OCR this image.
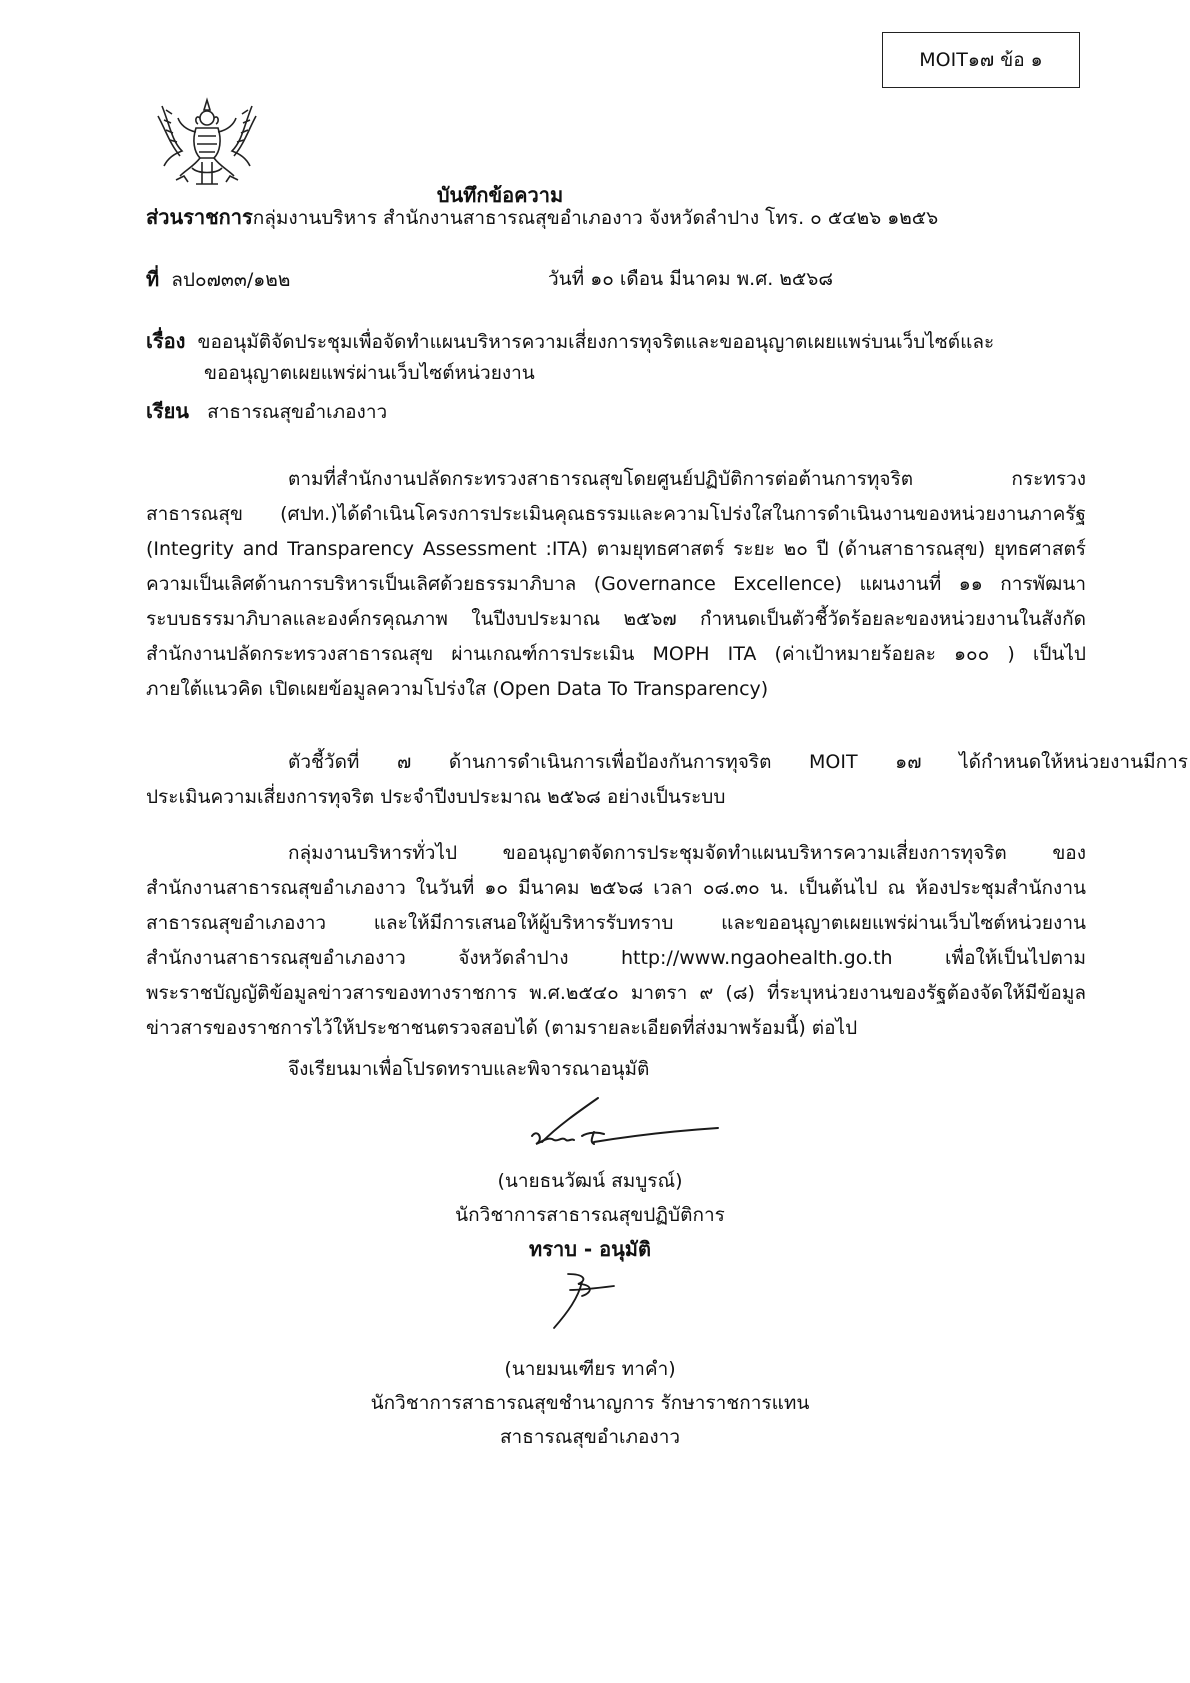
MOIT๑๗ ข้อ ๑
บันทึกข้อความ
ส่วนราชการกลุ่มงานบริหาร สำนักงานสาธารณสุขอำเภองาว จังหวัดลำปาง โทร. ๐ ๕๔๒๖ ๑๒๕๖
ที่ ลป๐๗๓๓/๑๒๒	วันที่ ๑๐ เดือน มีนาคม พ.ศ. ๒๕๖๘
เรื่อง ขออนุมัติจัดประชุมเพื่อจัดทำแผนบริหารความเสี่ยงการทุจริตและขออนุญาตเผยแพร่บนเว็บไซต์และ
ขออนุญาตเผยแพร่ผ่านเว็บไซต์หน่วยงาน
เรียน สาธารณสุขอำเภองาว
ตามที่สำนักงานปลัดกระทรวงสาธารณสุขโดยศูนย์ปฏิบัติการต่อต้านการทุจริต กระทรวง
สาธารณสุข (ศปท.)ได้ดำเนินโครงการประเมินคุณธรรมและความโปร่งใสในการดำเนินงานของหน่วยงานภาครัฐ
(Integrity and Transparency Assessment :ITA) ตามยุทธศาสตร์ ระยะ ๒๐ ปี (ด้านสาธารณสุข) ยุทธศาสตร์
ความเป็นเลิศด้านการบริหารเป็นเลิศด้วยธรรมาภิบาล (Governance Excellence) แผนงานที่ ๑๑ การพัฒนา
ระบบธรรมาภิบาลและองค์กรคุณภาพ ในปีงบประมาณ ๒๕๖๗ กำหนดเป็นตัวชี้วัดร้อยละของหน่วยงานในสังกัด
สำนักงานปลัดกระทรวงสาธารณสุข ผ่านเกณฑ์การประเมิน MOPH ITA (ค่าเป้าหมายร้อยละ ๑๐๐ ) เป็นไป
ภายใต้แนวคิด เปิดเผยข้อมูลความโปร่งใส (Open Data To Transparency)
ตัวชี้วัดที่ ๗ ด้านการดำเนินการเพื่อป้องกันการทุจริต MOIT ๑๗ ได้กำหนดให้หน่วยงานมีการ
ประเมินความเสี่ยงการทุจริต ประจำปีงบประมาณ ๒๕๖๘ อย่างเป็นระบบ
กลุ่มงานบริหารทั่วไป ขออนุญาตจัดการประชุมจัดทำแผนบริหารความเสี่ยงการทุจริต ของ
สำนักงานสาธารณสุขอำเภองาว ในวันที่ ๑๐ มีนาคม ๒๕๖๘ เวลา ๐๘.๓๐ น. เป็นต้นไป ณ ห้องประชุมสำนักงาน
สาธารณสุขอำเภองาว และให้มีการเสนอให้ผู้บริหารรับทราบ และขออนุญาตเผยแพร่ผ่านเว็บไซต์หน่วยงาน
สำนักงานสาธารณสุขอำเภองาว จังหวัดลำปาง http://www.ngaohealth.go.th เพื่อให้เป็นไปตาม
พระราชบัญญัติข้อมูลข่าวสารของทางราชการ พ.ศ.๒๕๔๐ มาตรา ๙ (๘) ที่ระบุหน่วยงานของรัฐต้องจัดให้มีข้อมูล
ข่าวสารของราชการไว้ให้ประชาชนตรวจสอบได้ (ตามรายละเอียดที่ส่งมาพร้อมนี้) ต่อไป
จึงเรียนมาเพื่อโปรดทราบและพิจารณาอนุมัติ
(นายธนวัฒน์ สมบูรณ์)
นักวิชาการสาธารณสุขปฏิบัติการ
ทราบ - อนุมัติ
(นายมนเฑียร ทาคำ)
นักวิชาการสาธารณสุขชำนาญการ รักษาราชการแทน
สาธารณสุขอำเภองาว
